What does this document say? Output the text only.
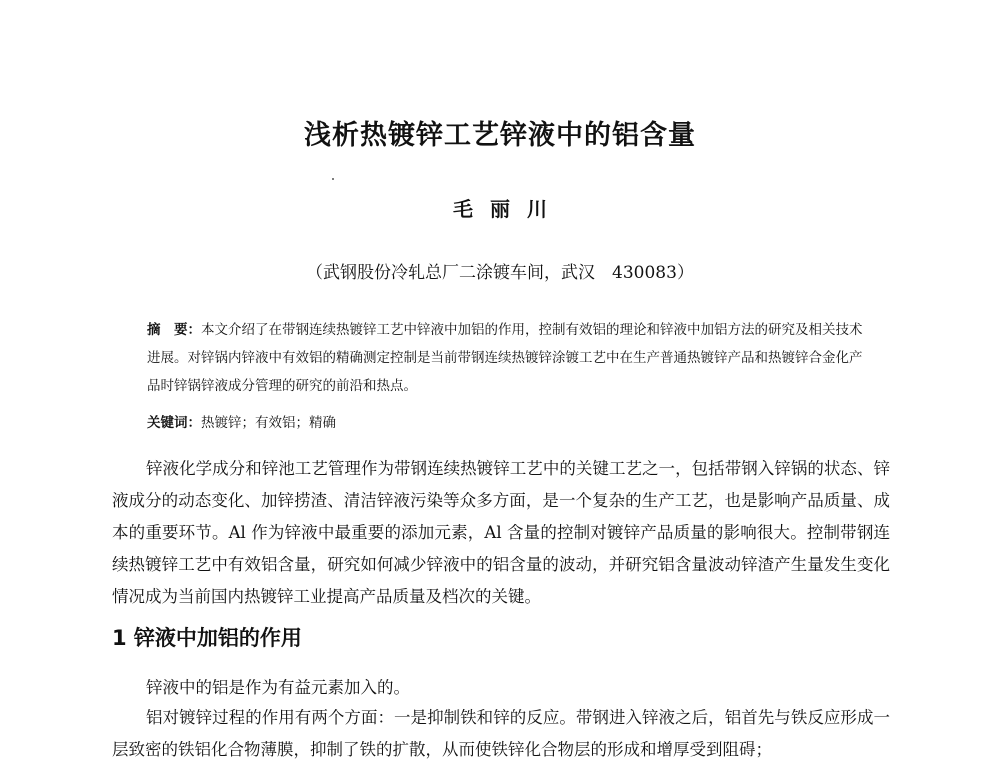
浅析热镀锌工艺锌液中的铝含量
毛 丽 川
（武钢股份冷轧总厂二涂镀车间，武汉　430083）
摘　要：本文介绍了在带钢连续热镀锌工艺中锌液中加铝的作用，控制有效铝的理论和锌液中加铝方法的研究及相关技术进展。对锌锅内锌液中有效铝的精确测定控制是当前带钢连续热镀锌涂镀工艺中在生产普通热镀锌产品和热镀锌合金化产品时锌锅锌液成分管理的研究的前沿和热点。
关键词：热镀锌；有效铝；精确
锌液化学成分和锌池工艺管理作为带钢连续热镀锌工艺中的关键工艺之一，包括带钢入锌锅的状态、锌液成分的动态变化、加锌捞渣、清洁锌液污染等众多方面，是一个复杂的生产工艺，也是影响产品质量、成本的重要环节。Al 作为锌液中最重要的添加元素，Al 含量的控制对镀锌产品质量的影响很大。控制带钢连续热镀锌工艺中有效铝含量，研究如何减少锌液中的铝含量的波动，并研究铝含量波动锌渣产生量发生变化情况成为当前国内热镀锌工业提高产品质量及档次的关键。
1 锌液中加铝的作用
锌液中的铝是作为有益元素加入的。
铝对镀锌过程的作用有两个方面：一是抑制铁和锌的反应。带钢进入锌液之后，铝首先与铁反应形成一层致密的铁铝化合物薄膜，抑制了铁的扩散，从而使铁锌化合物层的形成和增厚受到阻碍；
